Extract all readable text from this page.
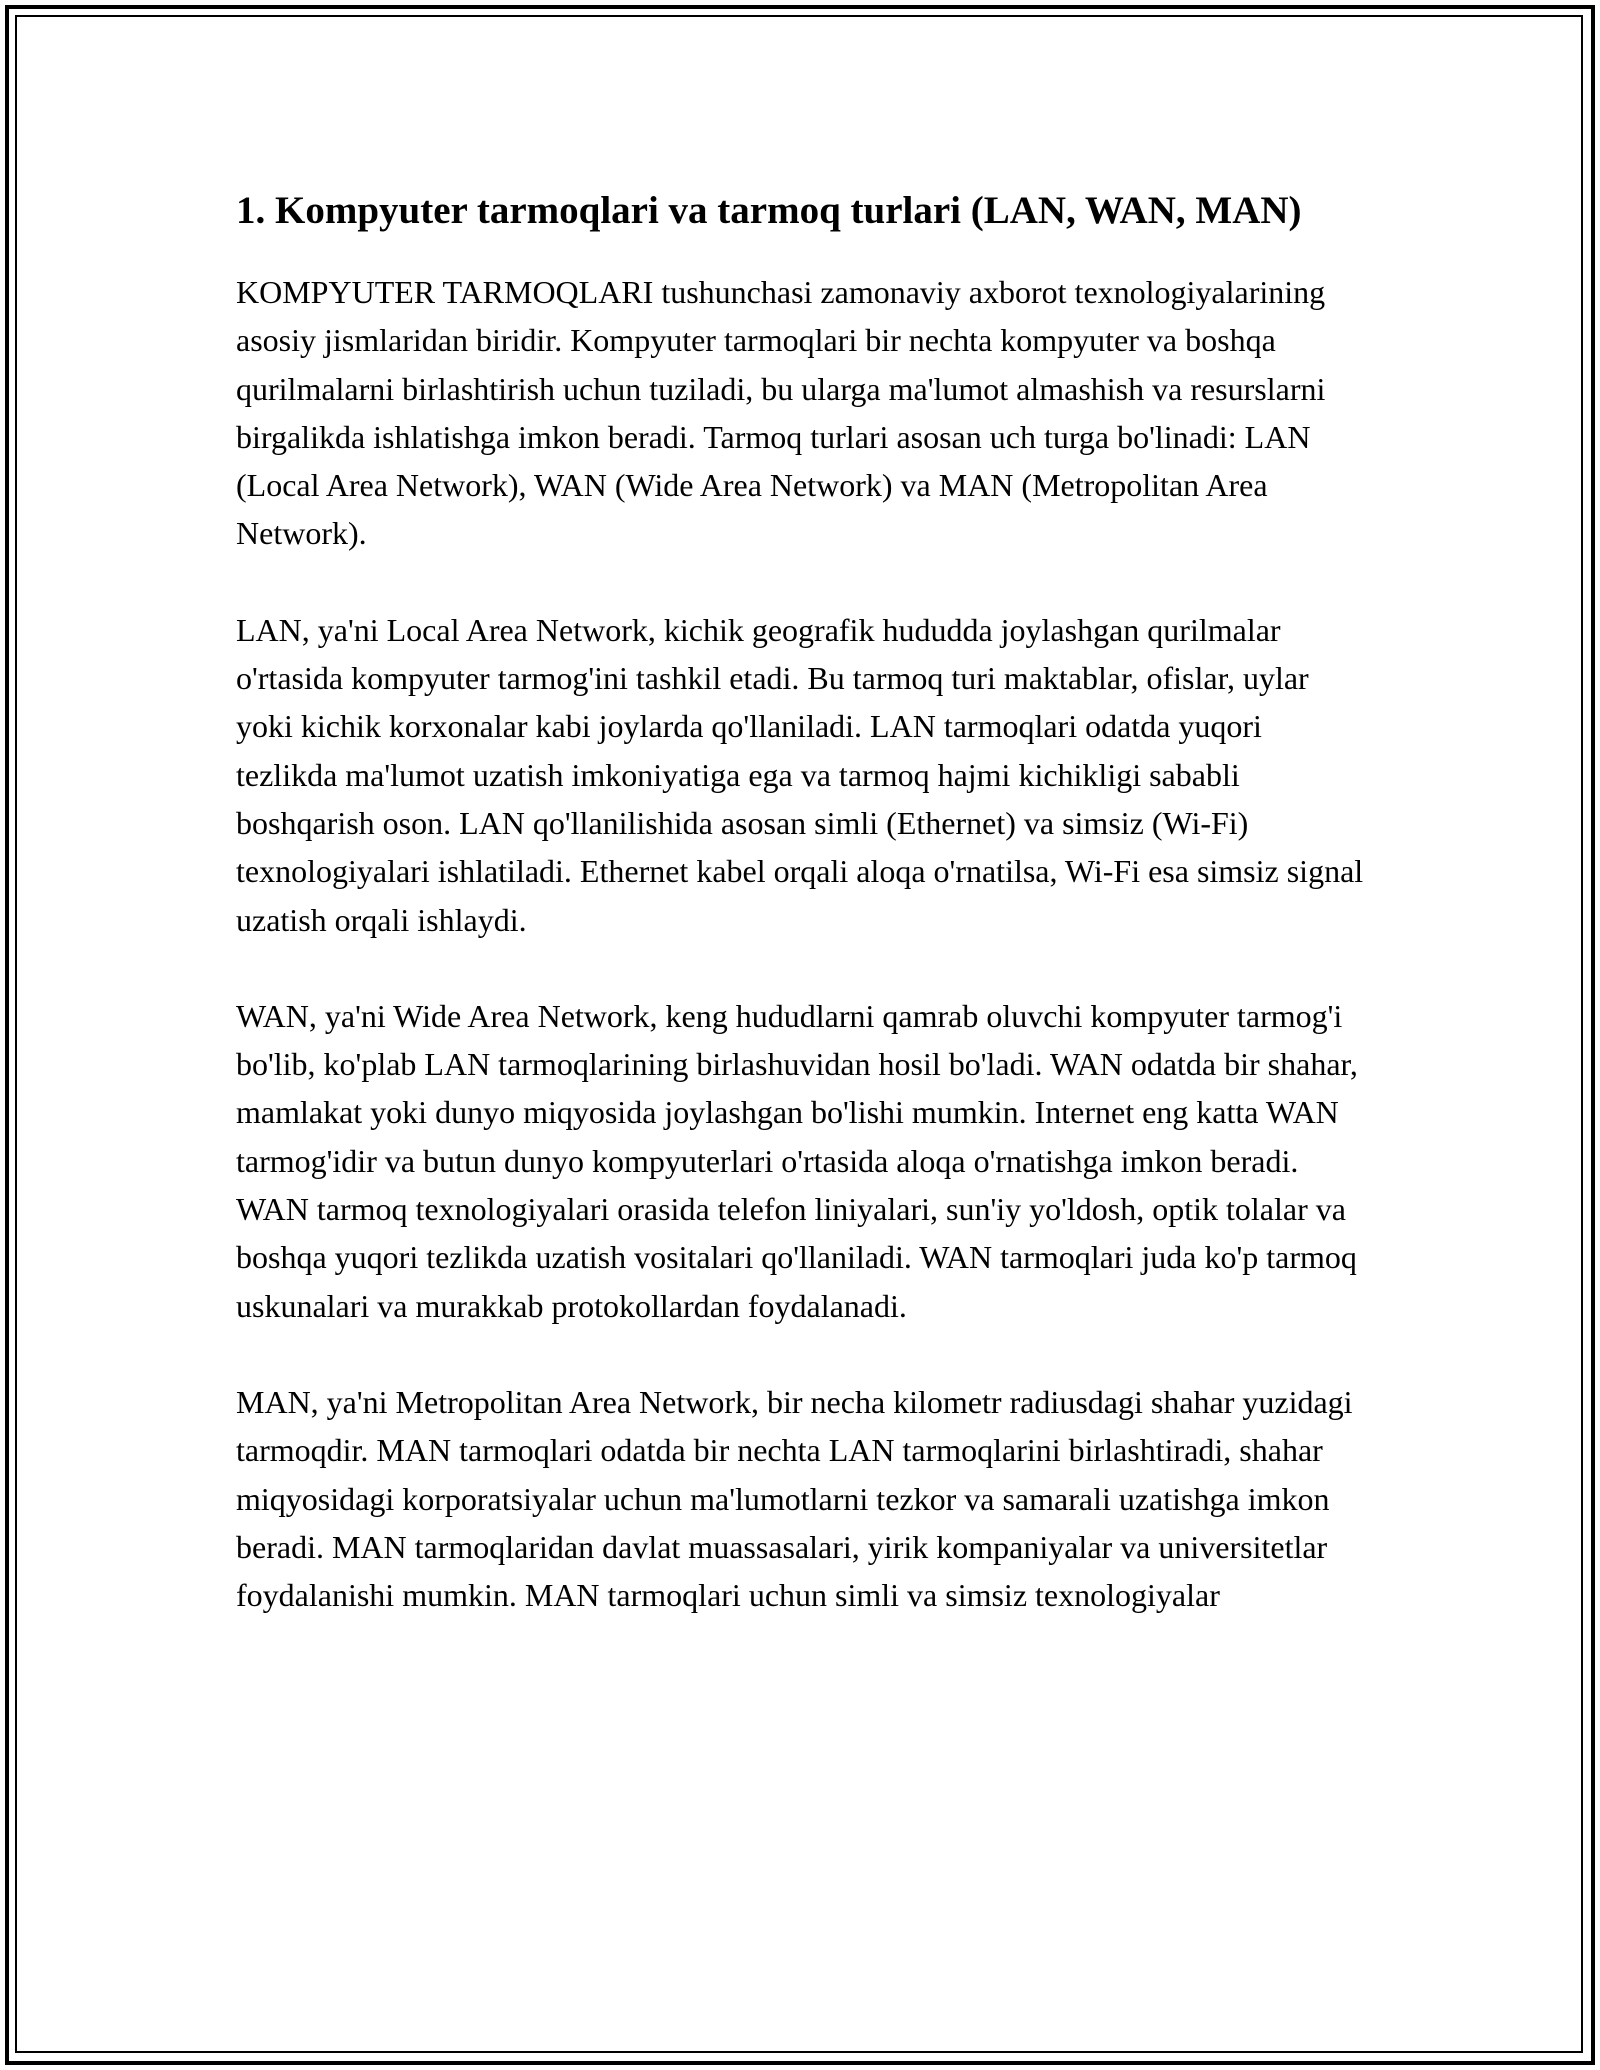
1. Kompyuter tarmoqlari va tarmoq turlari (LAN, WAN, MAN)

KOMPYUTER TARMOQLARI tushunchasi zamonaviy axborot texnologiyalarining asosiy jismlaridan biridir. Kompyuter tarmoqlari bir nechta kompyuter va boshqa qurilmalarni birlashtirish uchun tuziladi, bu ularga ma'lumot almashish va resurslarni birgalikda ishlatishga imkon beradi. Tarmoq turlari asosan uch turga bo'linadi: LAN (Local Area Network), WAN (Wide Area Network) va MAN (Metropolitan Area Network).

LAN, ya'ni Local Area Network, kichik geografik hududda joylashgan qurilmalar o'rtasida kompyuter tarmog'ini tashkil etadi. Bu tarmoq turi maktablar, ofislar, uylar yoki kichik korxonalar kabi joylarda qo'llaniladi. LAN tarmoqlari odatda yuqori tezlikda ma'lumot uzatish imkoniyatiga ega va tarmoq hajmi kichikligi sababli boshqarish oson. LAN qo'llanilishida asosan simli (Ethernet) va simsiz (Wi-Fi) texnologiyalari ishlatiladi. Ethernet kabel orqali aloqa o'rnatilsa, Wi-Fi esa simsiz signal uzatish orqali ishlaydi.

WAN, ya'ni Wide Area Network, keng hududlarni qamrab oluvchi kompyuter tarmog'i bo'lib, ko'plab LAN tarmoqlarining birlashuvidan hosil bo'ladi. WAN odatda bir shahar, mamlakat yoki dunyo miqyosida joylashgan bo'lishi mumkin. Internet eng katta WAN tarmog'idir va butun dunyo kompyuterlari o'rtasida aloqa o'rnatishga imkon beradi. WAN tarmoq texnologiyalari orasida telefon liniyalari, sun'iy yo'ldosh, optik tolalar va boshqa yuqori tezlikda uzatish vositalari qo'llaniladi. WAN tarmoqlari juda ko'p tarmoq uskunalari va murakkab protokollardan foydalanadi.

MAN, ya'ni Metropolitan Area Network, bir necha kilometr radiusdagi shahar yuzidagi tarmoqdir. MAN tarmoqlari odatda bir nechta LAN tarmoqlarini birlashtiradi, shahar miqyosidagi korporatsiyalar uchun ma'lumotlarni tezkor va samarali uzatishga imkon beradi. MAN tarmoqlaridan davlat muassasalari, yirik kompaniyalar va universitetlar foydalanishi mumkin. MAN tarmoqlari uchun simli va simsiz texnologiyalar
